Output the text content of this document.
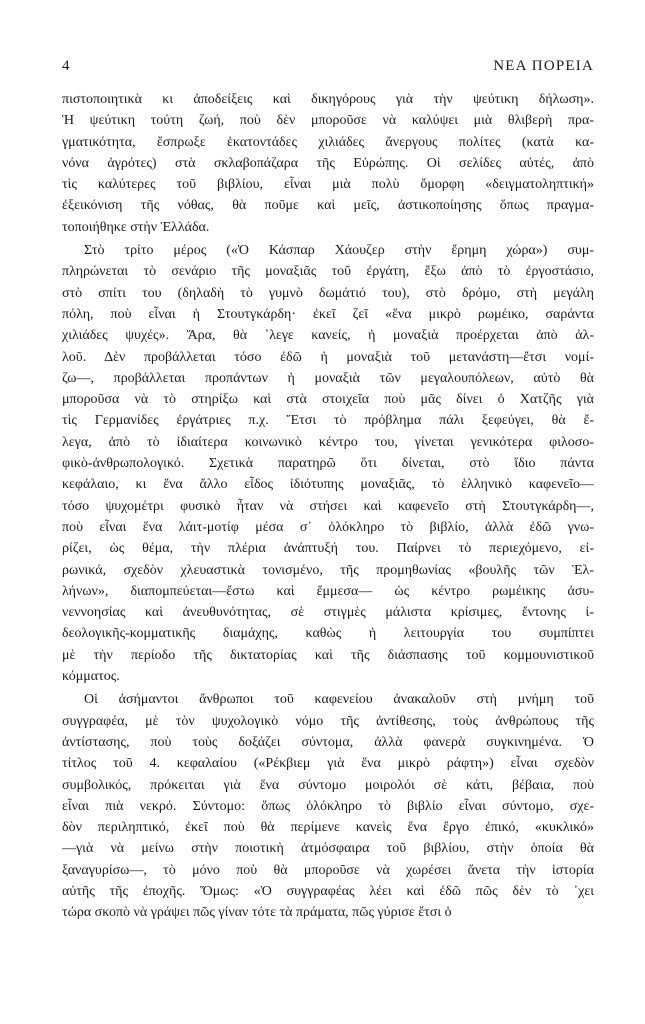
4	ΝΕΑ ΠΟΡΕΙΑ

πιστοποιητικὰ κι ἀποδείξεις καὶ δικηγόρους γιὰ τὴν ψεύτικη δήλωση».
Ἡ ψεύτικη τούτη ζωή, ποὺ δὲν μποροῦσε νὰ καλύψει μιὰ θλιβερὴ πρα-
γματικότητα, ἔσπρωξε ἑκατοντάδες χιλιάδες ἄνεργους πολίτες (κατὰ κα-
νόνα ἀγρότες) στὰ σκλαβοπάζαρα τῆς Εὐρώπης. Οἱ σελίδες αὐτές, ἀπὸ
τὶς καλύτερες τοῦ βιβλίου, εἶναι μιὰ πολὺ ὄμορφη «δειγματοληπτική»
ἐξεικόνιση τῆς νόθας, θὰ ποῦμε καὶ μεῖς, ἀστικοποίησης ὅπως πραγμα-
τοποιήθηκε στὴν Ἑλλάδα.

Στὸ τρίτο μέρος («Ὁ Κάσπαρ Χάουζερ στὴν ἔρημη χώρα») συμ-
πληρώνεται τὸ σενάριο τῆς μοναξιᾶς τοῦ ἐργάτη, ἔξω ἀπὸ τὸ ἐργοστάσιο,
στὸ σπίτι του (δηλαδὴ τὸ γυμνὸ δωμάτιό του), στὸ δρόμο, στὴ μεγάλη
πόλη, ποὺ εἶναι ἡ Στουτγκάρδη· ἐκεῖ ζεῖ «ἕνα μικρὸ ρωμέικο, σαράντα
χιλιάδες ψυχές». Ἄρα, θὰ ᾽λεγε κανείς, ἡ μοναξιὰ προέρχεται ἀπὸ ἀλ-
λοῦ. Δὲν προβάλλεται τόσο ἐδῶ ἡ μοναξιὰ τοῦ μετανάστη—ἔτσι νομί-
ζω—, προβάλλεται προπάντων ἡ μοναξιὰ τῶν μεγαλουπόλεων, αὐτὸ θὰ
μποροῦσα νὰ τὸ στηρίξω καὶ στὰ στοιχεῖα ποὺ μᾶς δίνει ὁ Χατζῆς γιὰ
τὶς Γερμανίδες ἐργάτριες π.χ. Ἔτσι τὸ πρόβλημα πάλι ξεφεύγει, θὰ ἔ-
λεγα, ἀπὸ τὸ ἰδιαίτερα κοινωνικὸ κέντρο του, γίνεται γενικότερα φιλοσο-
φικὸ-ἀνθρωπολογικό. Σχετικὰ παρατηρῶ ὅτι δίνεται, στὸ ἴδιο πάντα
κεφάλαιο, κι ἕνα ἄλλο εἶδος ἰδιότυπης μοναξιᾶς, τὸ ἑλληνικὸ καφενεῖο—
τόσο ψυχομέτρι φυσικὸ ἦταν νὰ στήσει καὶ καφενεῖο στὴ Στουτγκάρδη—,
ποὺ εἶναι ἕνα λάιτ-μοτίφ μέσα σ᾽ ὁλόκληρο τὸ βιβλίο, ἀλλὰ ἐδῶ γνω-
ρίζει, ὡς θέμα, τὴν πλέρια ἀνάπτυξή του. Παίρνει τὸ περιεχόμενο, εἰ-
ρωνικά, σχεδὸν χλευαστικὰ τονισμένο, τῆς προμηθωνίας «βουλῆς τῶν Ἑλ-
λήνων», διαπομπεύεται—ἔστω καὶ ἔμμεσα— ὡς κέντρο ρωμέικης ἀσυ-
νεννοησίας καὶ ἀνευθυνότητας, σὲ στιγμὲς μάλιστα κρίσιμες, ἔντονης ἰ-
δεολογικῆς-κομματικῆς διαμάχης, καθὼς ἡ λειτουργία του συμπίπτει
μὲ τὴν περίοδο τῆς δικτατορίας καὶ τῆς διάσπασης τοῦ κομμουνιστικοῦ
κόμματος.

Οἱ ἀσήμαντοι ἄνθρωποι τοῦ καφενείου ἀνακαλοῦν στὴ μνήμη τοῦ
συγγραφέα, μὲ τὸν ψυχολογικὸ νόμο τῆς ἀντίθεσης, τοὺς ἀνθρώπους τῆς
ἀντίστασης, ποὺ τοὺς δοξάζει σύντομα, ἀλλὰ φανερὰ συγκινημένα. Ὁ
τίτλος τοῦ 4. κεφαλαίου («Ρέκβιεμ γιὰ ἕνα μικρὸ ράφτη») εἶναι σχεδὸν
συμβολικός, πρόκειται γιὰ ἕνα σύντομο μοιρολόι σὲ κάτι, βέβαια, ποὺ
εἶναι πιὰ νεκρό. Σύντομο: ὅπως ὁλόκληρο τὸ βιβλίο εἶναι σύντομο, σχε-
δὸν περιληπτικό, ἐκεῖ ποὺ θὰ περίμενε κανεὶς ἕνα ἔργο ἐπικό, «κυκλικό»
—γιὰ νὰ μείνω στὴν ποιοτικὴ ἀτμόσφαιρα τοῦ βιβλίου, στὴν ὁποία θὰ
ξαναγυρίσω—, τὸ μόνο ποὺ θὰ μποροῦσε νὰ χωρέσει ἄνετα τὴν ἱστορία
αὐτῆς τῆς ἐποχῆς. Ὅμως: «Ὁ συγγραφέας λέει καὶ ἐδῶ πῶς δὲν τὸ ᾽χει
τώρα σκοπὸ νὰ γράψει πῶς γίναν τότε τὰ πράματα, πῶς γύρισε ἔτσι ὁ
